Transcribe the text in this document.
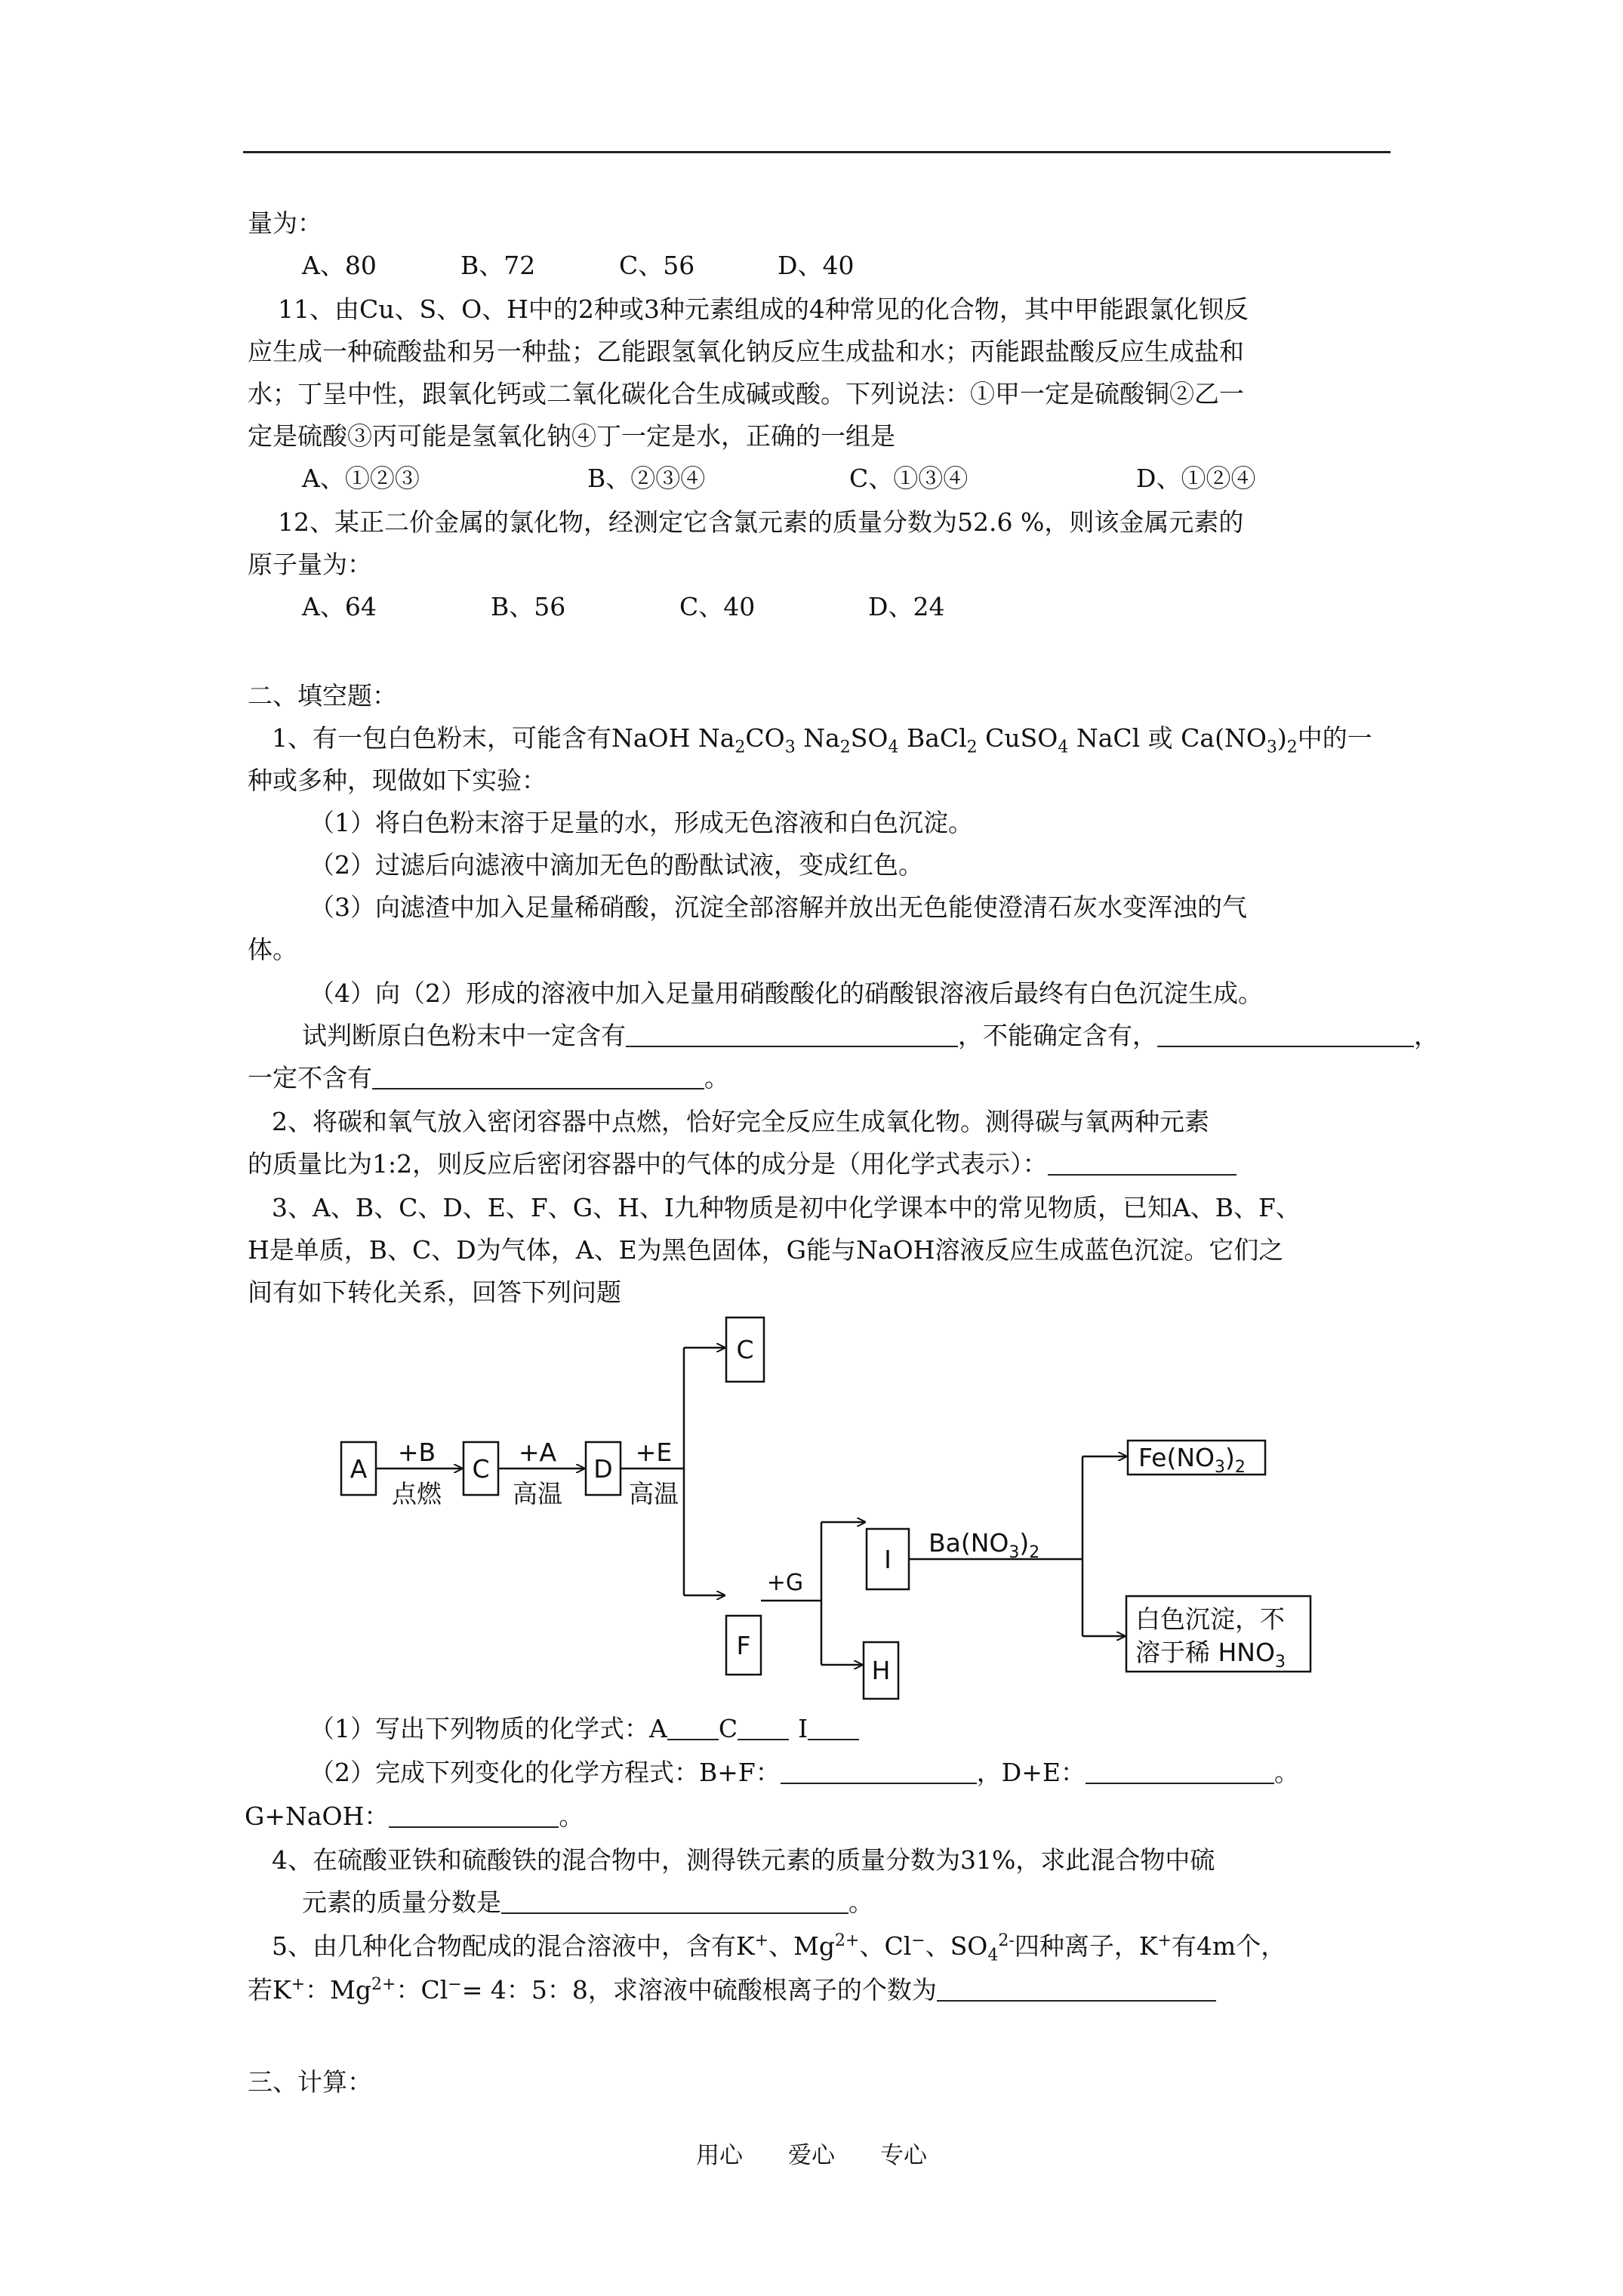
量为：
A、80	B、72	C、56	D、40
11、由Cu、S、O、H中的2种或3种元素组成的4种常见的化合物，其中甲能跟氯化钡反
应生成一种硫酸盐和另一种盐；乙能跟氢氧化钠反应生成盐和水；丙能跟盐酸反应生成盐和
水；丁呈中性，跟氧化钙或二氧化碳化合生成碱或酸。下列说法：①甲一定是硫酸铜②乙一
定是硫酸③丙可能是氢氧化钠④丁一定是水，正确的一组是
A、①②③	B、②③④	C、①③④	D、①②④
12、某正二价金属的氯化物，经测定它含氯元素的质量分数为52.6 %，则该金属元素的
原子量为：
A、64	B、56	C、40	D、24
二、填空题：
1、有一包白色粉末，可能含有NaOH $Na_2CO_3$ $Na_2SO_4$ BaCl$_2$ CuSO$_4$ NaCl 或 $Ca(NO_3)_2$中的一
种或多种，现做如下实验：
（1）将白色粉末溶于足量的水，形成无色溶液和白色沉淀。
（2）过滤后向滤液中滴加无色的酚酞试液，变成红色。
（3）向滤渣中加入足量稀硝酸，沉淀全部溶解并放出无色能使澄清石灰水变浑浊的气
体。
（4）向（2）形成的溶液中加入足量用硝酸酸化的硝酸银溶液后最终有白色沉淀生成。
试判断原白色粉末中一定含有	，不能确定含有，	，
一定不含有	。
2、将碳和氧气放入密闭容器中点燃，恰好完全反应生成氧化物。测得碳与氧两种元素
的质量比为1:2，则反应后密闭容器中的气体的成分是（用化学式表示）：
3、A、B、C、D、E、F、G、H、I九种物质是初中化学课本中的常见物质，已知A、B、F、
H是单质，B、C、D为气体，A、E为黑色固体，G能与NaOH溶液反应生成蓝色沉淀。它们之
间有如下转化关系，回答下列问题
A	C	D
C
F
I
H
+B
点燃
+A
高温
+E
高温
+G
$Ba(NO_3)_2$
$Fe(NO_3)_2$
白色沉淀，不
溶于稀 $HNO_3$
（1）写出下列物质的化学式：A C I
（2）完成下列变化的化学方程式：B+F：	，D+E：	。
G+NaOH：	。
4、在硫酸亚铁和硫酸铁的混合物中，测得铁元素的质量分数为31%，求此混合物中硫
元素的质量分数是	。
5、由几种化合物配成的混合溶液中，含有K+、$Mg^{2+}$、Cl−、$SO_4^{2-}$四种离子，K+有4m个，
若K+：$Mg^{2+}$：Cl−= 4：5：8，求溶液中硫酸根离子的个数为
三、计算：
用心 爱心 专心
